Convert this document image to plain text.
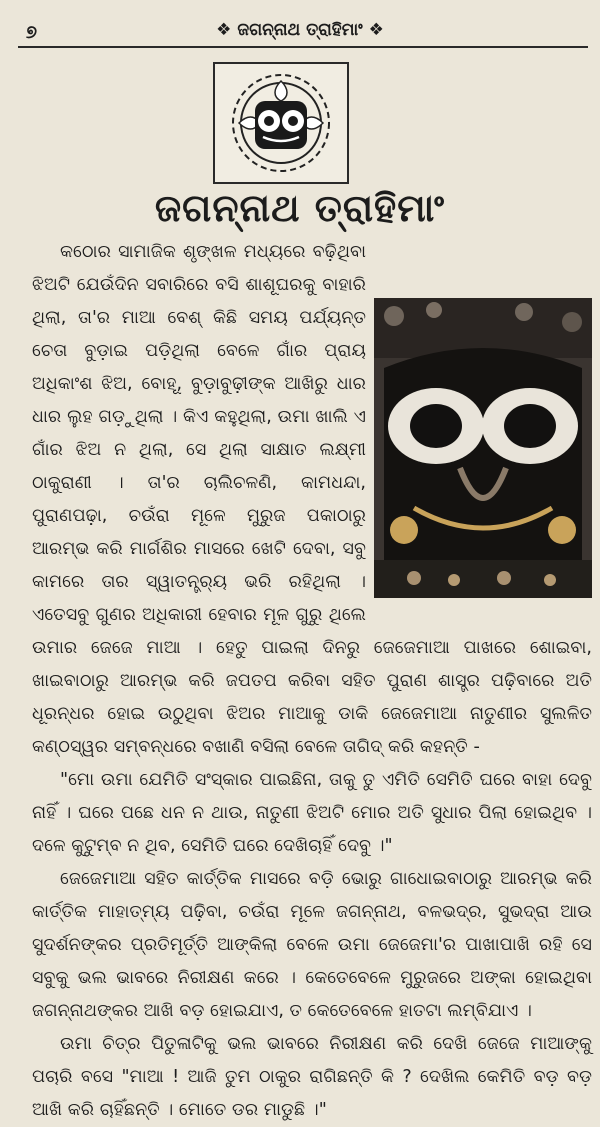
୭	❖ ଜଗନ୍ନାଥ ତ୍ରାହିମାଂ ❖
ଜଗନ୍ନାଥ ତ୍ରାହିମାଂ

କଠୋର ସାମାଜିକ ଶୃଙ୍ଖଳ ମଧ୍ୟରେ ବଢ଼ିଥିବା ଝିଅଟି ଯେଉଁଦିନ ସବାରିରେ ବସି ଶାଶୂଘରକୁ ବାହାରି ଥିଲା, ତା'ର ମାଆ ବେଶ୍ କିଛି ସମୟ ପର୍ଯ୍ୟନ୍ତ ଚେତା ବୁଡ଼ାଇ ପଡ଼ିଥିଲା ବେଳେ ଗାଁର ପ୍ରାୟ ଅଧିକାଂଶ ଝିଅ, ବୋହୂ, ବୁଡ଼ାବୁଢ଼ୀଙ୍କ ଆଖିରୁ ଧାର ଧାର ଲୁହ ଗଡ଼ୁଥିଲା । କିଏ କହୁଥିଲା, ଉମା ଖାଲି ଏ ଗାଁର ଝିଅ ନ ଥିଲା, ସେ ଥିଲା ସାକ୍ଷାତ ଲକ୍ଷ୍ମୀ ଠାକୁରାଣୀ । ତା'ର ଚାଲିଚଳଣି, କାମଧନ୍ଦା, ପୁରାଣପଢ଼ା, ଚଉଁରା ମୂଳେ ମୁରୁଜ ପକାଠାରୁ ଆରମ୍ଭ କରି ମାର୍ଗଶିର ମାସରେ ଖେଟି ଦେବା, ସବୁ କାମରେ ତାର ସ୍ୱାତନ୍ତ୍ର୍ୟ ଭରି ରହିଥିଲା । ଏତେସବୁ ଗୁଣର ଅଧିକାରୀ ହେବାର ମୂଳ ଗୁରୁ ଥିଲେ ଉମାର ଜେଜେ ମାଆ । ହେତୁ ପାଇଲା ଦିନରୁ ଜେଜେମାଆ ପାଖରେ ଶୋଇବା, ଖାଇବାଠାରୁ ଆରମ୍ଭ କରି ଜପତପ କରିବା ସହିତ ପୁରାଣ ଶାସ୍ତ୍ର ପଢ଼ିବାରେ ଅତି ଧୂରନ୍ଧର ହୋଇ ଉଠୁଥିବା ଝିଅର ମାଆକୁ ଡାକି ଜେଜେମାଆ ନାତୁଣୀର ସୁଲଳିତ କଣ୍ଠସ୍ୱର ସମ୍ବନ୍ଧରେ ବଖାଣି ବସିଲା ବେଳେ ତାଗିଦ୍ କରି କହନ୍ତି -

"ମୋ ଉମା ଯେମିତି ସଂସ୍କାର ପାଇଛିନା, ତାକୁ ତୁ ଏମିତି ସେମିତି ଘରେ ବାହା ଦେବୁ ନାହିଁ । ଘରେ ପଛେ ଧନ ନ ଥାଉ, ନାତୁଣୀ ଝିଅଟି ମୋର ଅତି ସୁଧାର ପିଲା ହୋଇଥିବ । ଦଳେ କୁଟୁମ୍ବ ନ ଥିବ, ସେମିତି ଘରେ ଦେଖିଚାହିଁ ଦେବୁ ।"

ଜେଜେମାଆ ସହିତ କାର୍ତ୍ତିକ ମାସରେ ବଡ଼ି ଭୋରୁ ଗାଧୋଇବାଠାରୁ ଆରମ୍ଭ କରି କାର୍ତ୍ତିକ ମାହାତ୍ମ୍ୟ ପଢ଼ିବା, ଚଉଁରା ମୂଳେ ଜଗନ୍ନାଥ, ବଳଭଦ୍ର, ସୁଭଦ୍ରା ଆଉ ସୁଦର୍ଶନଙ୍କର ପ୍ରତିମୂର୍ତ୍ତି ଆଙ୍କିଲା ବେଳେ ଉମା ଜେଜେମା'ର ପାଖାପାଖି ରହି ସେ ସବୁକୁ ଭଲ ଭାବରେ ନିରୀକ୍ଷଣ କରେ । କେତେବେଳେ ମୁରୁଜରେ ଅଙ୍କା ହୋଇଥିବା ଜଗନ୍ନାଥଙ୍କର ଆଖି ବଡ଼ ହୋଇଯାଏ, ତ କେତେବେଳେ ହାତଟା ଲମ୍ବିଯାଏ ।

ଉମା ଚିତ୍ର ପିତୁଳାଟିକୁ ଭଲ ଭାବରେ ନିରୀକ୍ଷଣ କରି ଦେଖି ଜେଜେ ମାଆଙ୍କୁ ପଚାରି ବସେ "ମାଆ ! ଆଜି ତୁମ ଠାକୁର ରାଗିଛନ୍ତି କି ? ଦେଖିଲ କେମିତି ବଡ଼ ବଡ଼ ଆଖି କରି ଚାହିଁଛନ୍ତି । ମୋତେ ଡର ମାଡୁଛି ।"
